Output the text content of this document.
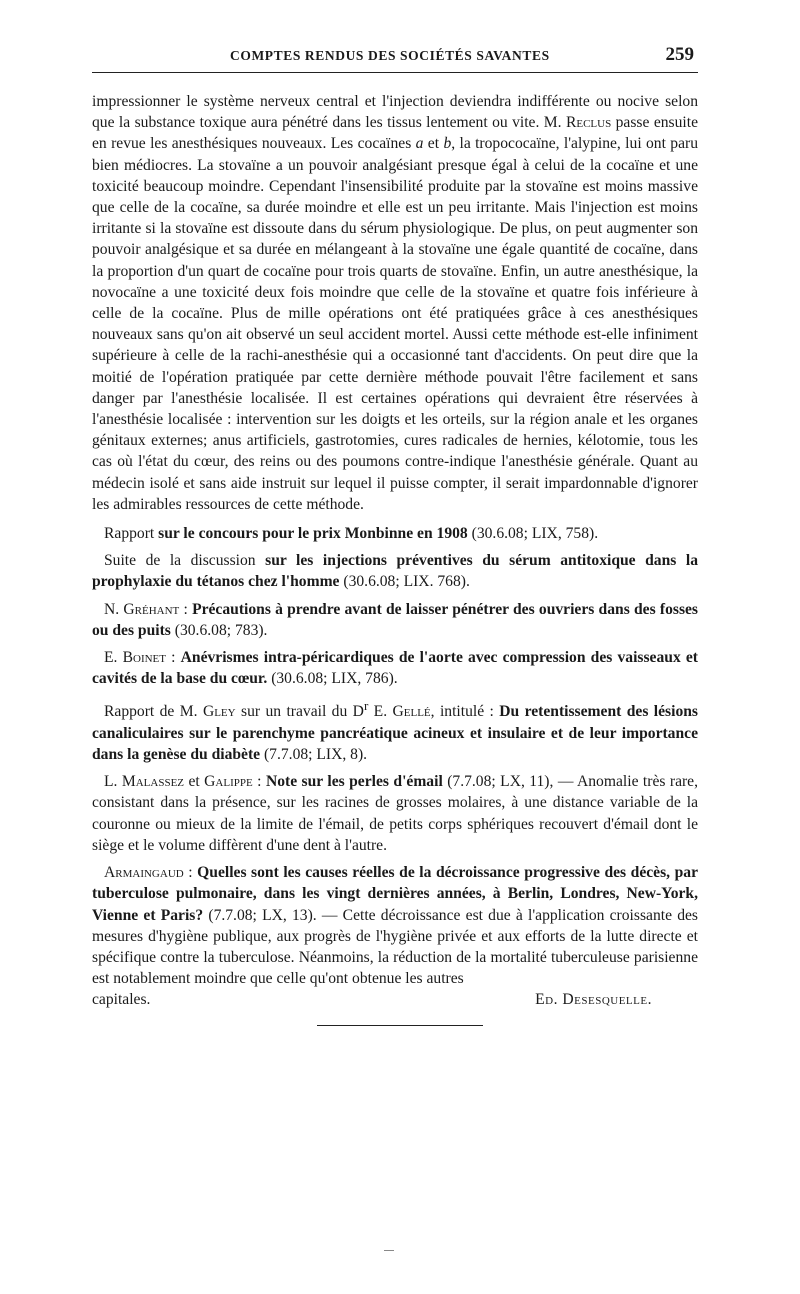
COMPTES RENDUS DES SOCIÉTÉS SAVANTES	259

impressionner le système nerveux central et l'injection deviendra indifférente ou nocive selon que la substance toxique aura pénétré dans les tissus lentement ou vite. M. Reclus passe ensuite en revue les anesthésiques nouveaux. Les cocaïnes a et b, la tropococaïne, l'alypine, lui ont paru bien médiocres. La stovaïne a un pouvoir analgésiant presque égal à celui de la cocaïne et une toxicité beaucoup moindre. Cependant l'insensibilité produite par la stovaïne est moins massive que celle de la cocaïne, sa durée moindre et elle est un peu irritante. Mais l'injection est moins irritante si la stovaïne est dissoute dans du sérum physiologique. De plus, on peut augmenter son pouvoir analgésique et sa durée en mélangeant à la stovaïne une égale quantité de cocaïne, dans la proportion d'un quart de cocaïne pour trois quarts de stovaïne. Enfin, un autre anesthésique, la novocaïne a une toxicité deux fois moindre que celle de la stovaïne et quatre fois inférieure à celle de la cocaïne. Plus de mille opérations ont été pratiquées grâce à ces anesthésiques nouveaux sans qu'on ait observé un seul accident mortel. Aussi cette méthode est-elle infiniment supérieure à celle de la rachi-anesthésie qui a occasionné tant d'accidents. On peut dire que la moitié de l'opération pratiquée par cette dernière méthode pouvait l'être facilement et sans danger par l'anesthésie localisée. Il est certaines opérations qui devraient être réservées à l'anesthésie localisée : intervention sur les doigts et les orteils, sur la région anale et les organes génitaux externes; anus artificiels, gastrotomies, cures radicales de hernies, kélotomie, tous les cas où l'état du cœur, des reins ou des poumons contre-indique l'anesthésie générale. Quant au médecin isolé et sans aide instruit sur lequel il puisse compter, il serait impardonnable d'ignorer les admirables ressources de cette méthode.

Rapport sur le concours pour le prix Monbinne en 1908 (30.6.08; LIX, 758).

Suite de la discussion sur les injections préventives du sérum antitoxique dans la prophylaxie du tétanos chez l'homme (30.6.08; LIX. 768).

N. Gréhant : Précautions à prendre avant de laisser pénétrer des ouvriers dans des fosses ou des puits (30.6.08; 783).

E. Boinet : Anévrismes intra-péricardiques de l'aorte avec compression des vaisseaux et cavités de la base du cœur. (30.6.08; LIX, 786).

Rapport de M. Gley sur un travail du $D^r$ E. Gellé, intitulé : Du retentissement des lésions canaliculaires sur le parenchyme pancréatique acineux et insulaire et de leur importance dans la genèse du diabète (7.7.08; LIX, 8).

L. Malassez et Galippe : Note sur les perles d'émail (7.7.08; LX, 11), — Anomalie très rare, consistant dans la présence, sur les racines de grosses molaires, à une distance variable de la couronne ou mieux de la limite de l'émail, de petits corps sphériques recouvert d'émail dont le siège et le volume diffèrent d'une dent à l'autre.

Armaingaud : Quelles sont les causes réelles de la décroissance progressive des décès, par tuberculose pulmonaire, dans les vingt dernières années, à Berlin, Londres, New-York, Vienne et Paris? (7.7.08; LX, 13). — Cette décroissance est due à l'application croissante des mesures d'hygiène publique, aux progrès de l'hygiène privée et aux efforts de la lutte directe et spécifique contre la tuberculose. Néanmoins, la réduction de la mortalité tuberculeuse parisienne est notablement moindre que celle qu'ont obtenue les autres

capitales.	Ed. Desesquelle.
